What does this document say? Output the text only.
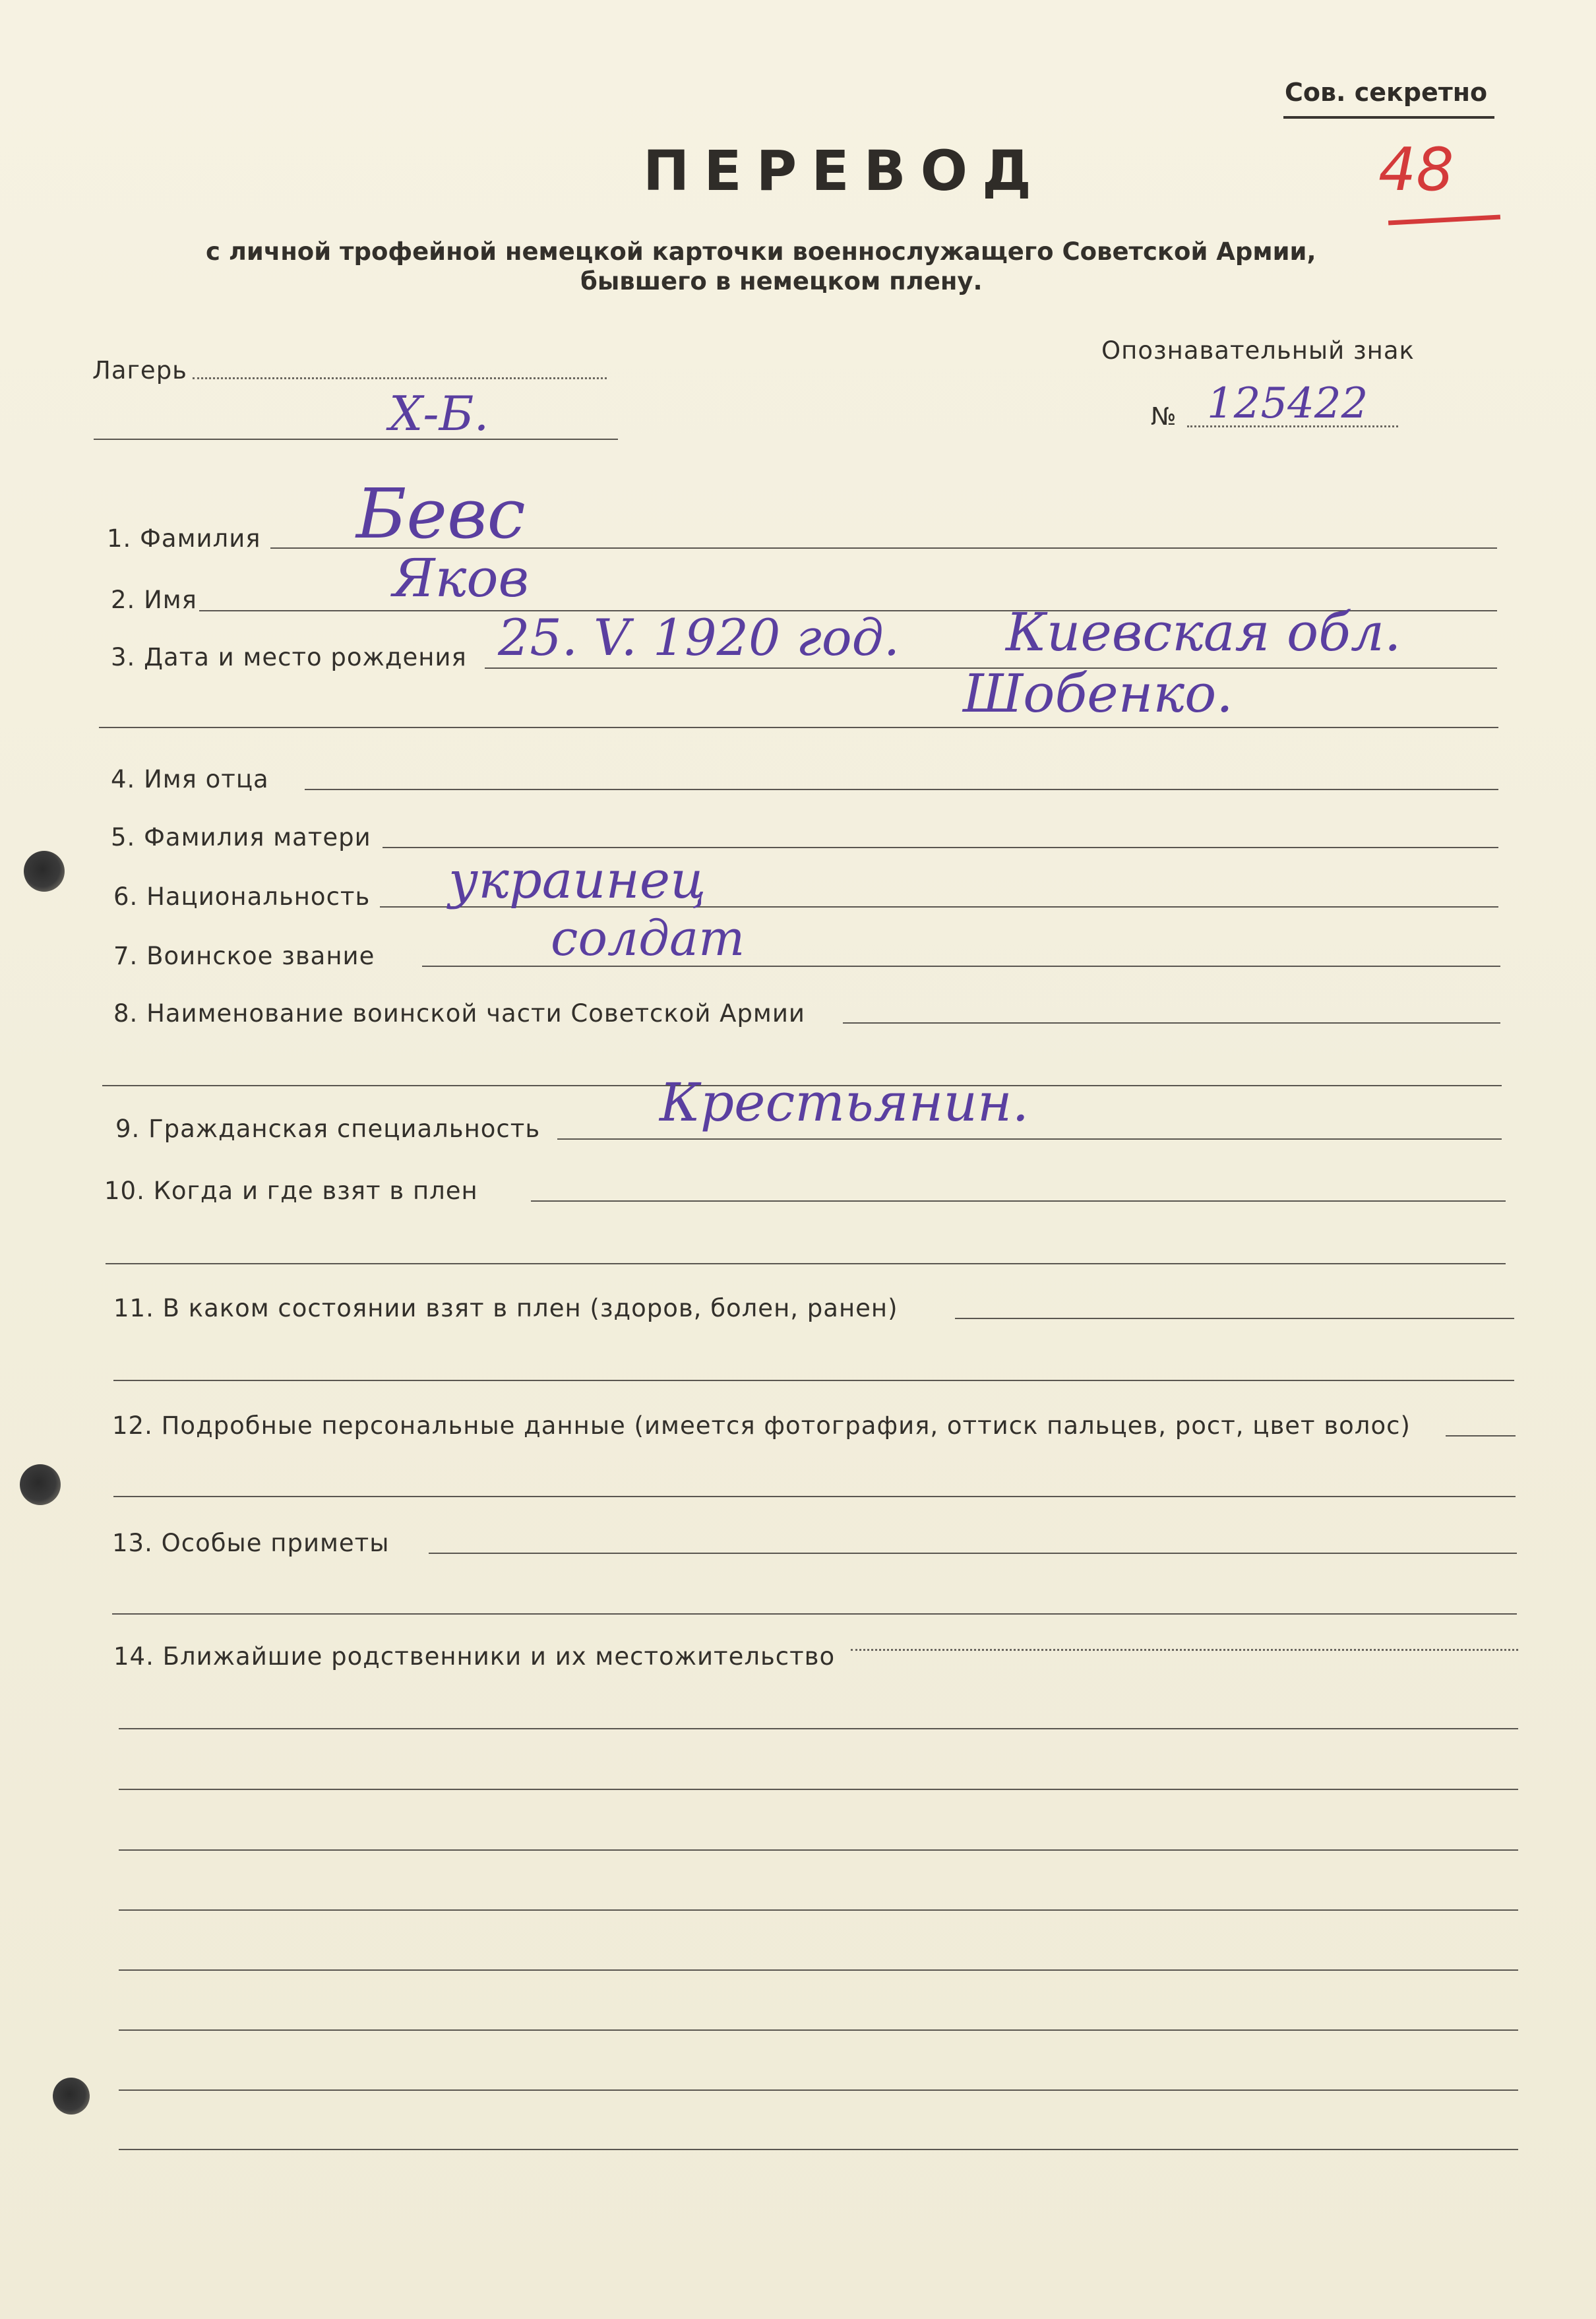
Сов. секретно
48
ПЕРЕВОД
с личной трофейной немецкой карточки военнослужащего Советской Армии,
бывшего в немецком плену.
Лагерь
Х-Б.
Опознавательный знак
№ 125422
1. Фамилия Бевс
2. Имя	Яков
3. Дата и место рождения 25. V. 1920 год. Киевская обл.
Шобенко.
4. Имя отца
5. Фамилия матери
6. Национальность украинец
7. Воинское звание	солдат
8. Наименование воинской части Советской Армии
9. Гражданская специальность Крестьянин.
10. Когда и где взят в плен
11. В каком состоянии взят в плен (здоров, болен, ранен)
12. Подробные персональные данные (имеется фотография, оттиск пальцев, рост, цвет волос)
13. Особые приметы
14. Ближайшие родственники и их местожительство
